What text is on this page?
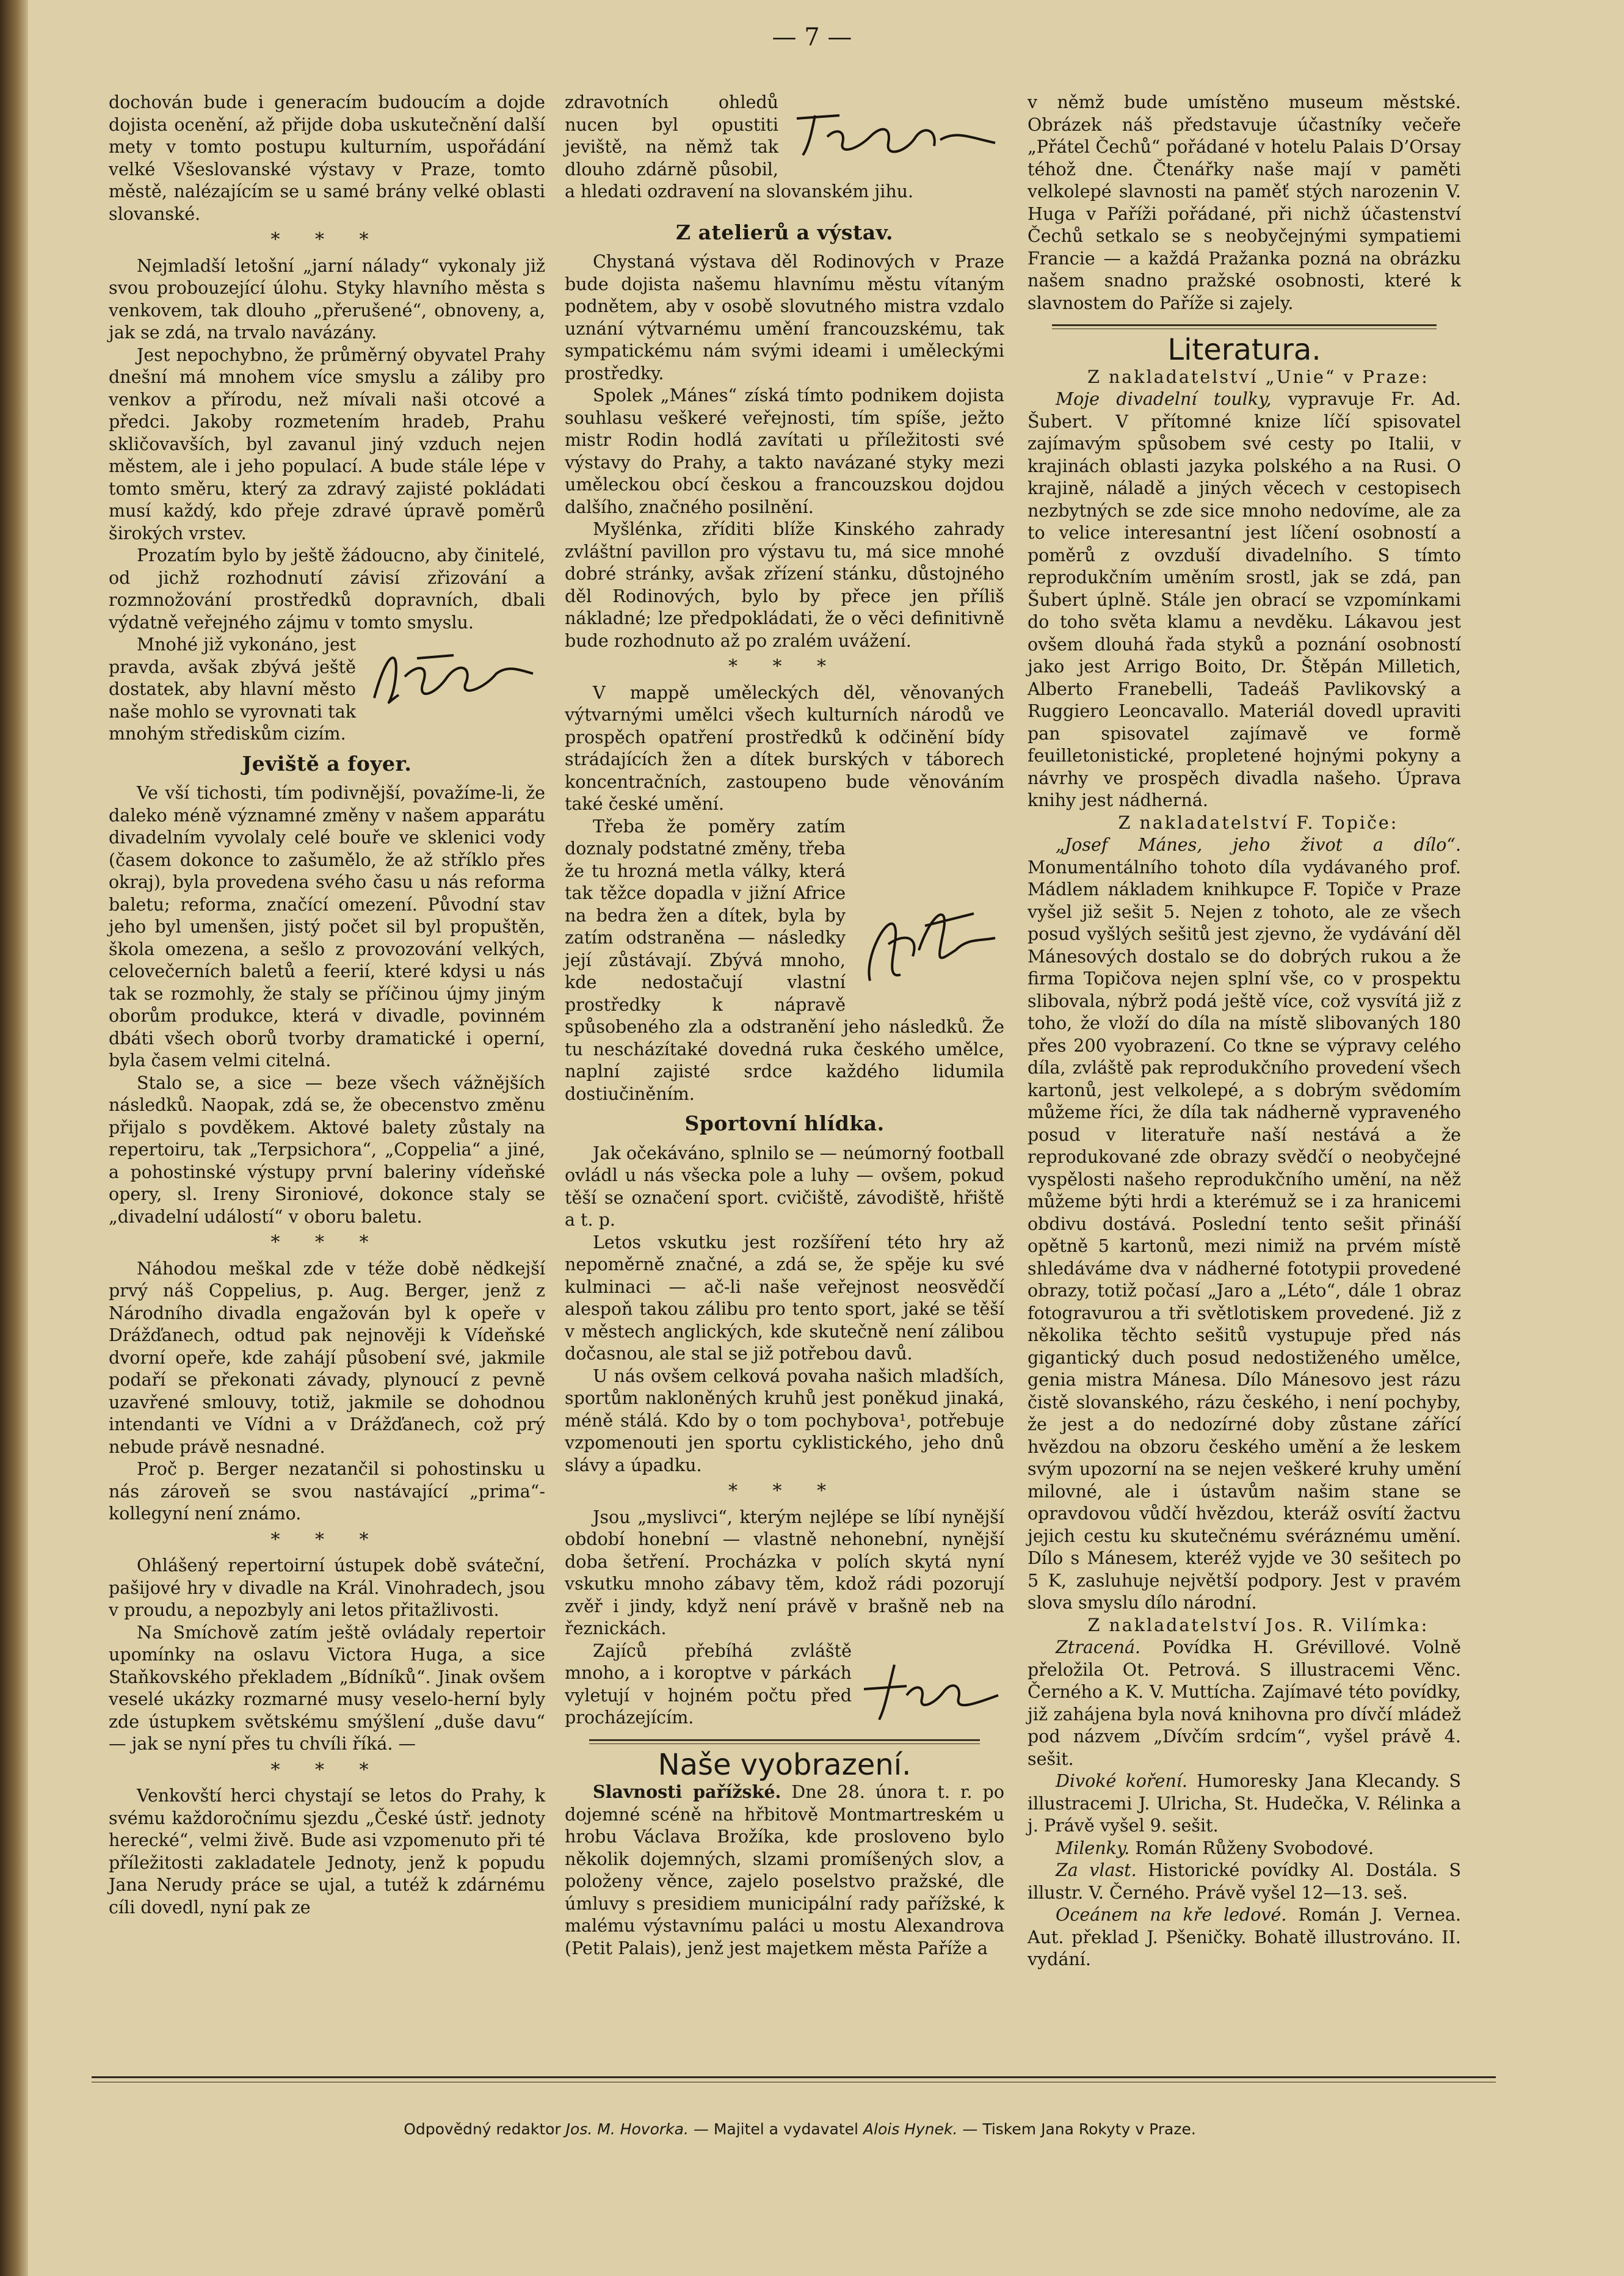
— 7 —

dochován bude i generacím budoucím a dojde dojista ocenění, až přijde doba uskutečnění další mety v tomto postupu kulturním, uspořádání velké Všeslovanské výstavy v Praze, tomto městě, nalézajícím se u samé brány velké oblasti slovanské.

* * *

Nejmladší letošní „jarní nálady“ vykonaly již svou probouzející úlohu. Styky hlavního města s venkovem, tak dlouho „přerušené“, obnoveny, a, jak se zdá, na trvalo navázány.

Jest nepochybno, že průměrný obyvatel Prahy dnešní má mnohem více smyslu a záliby pro venkov a přírodu, než mívali naši otcové a předci. Jakoby rozmetením hradeb, Prahu skličovavších, byl zavanul jiný vzduch nejen městem, ale i jeho populací. A bude stále lépe v tomto směru, který za zdravý zajisté pokládati musí každý, kdo přeje zdravé úpravě poměrů širokých vrstev.

Prozatím bylo by ještě žádoucno, aby činitelé, od jichž rozhodnutí závisí zřizování a rozmnožování prostředků dopravních, dbali výdatně veřejného zájmu v tomto smyslu.

Mnohé již vykonáno, jest pravda, avšak zbývá ještě dostatek, aby hlavní město naše mohlo se vyrovnati tak mnohým střediskům cizím.

Jeviště a foyer.

Ve vší tichosti, tím podivnější, považíme-li, že daleko méně významné změny v našem apparátu divadelním vyvolaly celé bouře ve sklenici vody (časem dokonce to zašumělo, že až stříklo přes okraj), byla provedena svého času u nás reforma baletu; reforma, značící omezení. Původní stav jeho byl umenšen, jistý počet sil byl propuštěn, škola omezena, a sešlo z provozování velkých, celovečerních baletů a feerií, které kdysi u nás tak se rozmohly, že staly se příčinou újmy jiným oborům produkce, která v divadle, povinném dbáti všech oborů tvorby dramatické i operní, byla časem velmi citelná.

Stalo se, a sice — beze všech vážnějších následků. Naopak, zdá se, že obecenstvo změnu přijalo s povděkem. Aktové balety zůstaly na repertoiru, tak „Terpsichora“, „Coppelia“ a jiné, a pohostinské výstupy první baleriny vídeňské opery, sl. Ireny Sironiové, dokonce staly se „divadelní událostí“ v oboru baletu.

* * *

Náhodou meškal zde v téže době nědkejší prvý náš Coppelius, p. Aug. Berger, jenž z Národního divadla engažován byl k opeře v Drážďanech, odtud pak nejnověji k Vídeňské dvorní opeře, kde zahájí působení své, jakmile podaří se překonati závady, plynoucí z pevně uzavřené smlouvy, totiž, jakmile se dohodnou intendanti ve Vídni a v Drážďanech, což prý nebude právě nesnadné.

Proč p. Berger nezatančil si pohostinsku u nás zároveň se svou nastávající „prima“-kollegyní není známo.

* * *

Ohlášený repertoirní ústupek době sváteční, pašijové hry v divadle na Král. Vinohradech, jsou v proudu, a nepozbyly ani letos přitažlivosti.

Na Smíchově zatím ještě ovládaly repertoir upomínky na oslavu Victora Huga, a sice Staňkovského překladem „Bídníků“. Jinak ovšem veselé ukázky rozmarné musy veselo-herní byly zde ústupkem světskému smýšlení „duše davu“ — jak se nyní přes tu chvíli říká. —

* * *

Venkovští herci chystají se letos do Prahy, k svému každoročnímu sjezdu „České ústř. jednoty herecké“, velmi živě. Bude asi vzpomenuto při té příležitosti zakladatele Jednoty, jenž k popudu Jana Nerudy práce se ujal, a tutéž k zdárnému cíli dovedl, nyní pak ze

zdravotních ohledů nucen byl opustiti jeviště, na němž tak dlouho zdárně působil, a hledati ozdravení na slovanském jihu.

Z atelierů a výstav.

Chystaná výstava děl Rodinových v Praze bude dojista našemu hlavnímu městu vítaným podnětem, aby v osobě slovutného mistra vzdalo uznání výtvarnému umění francouzskému, tak sympatickému nám svými ideami i uměleckými prostředky.

Spolek „Mánes“ získá tímto podnikem dojista souhlasu veškeré veřejnosti, tím spíše, ježto mistr Rodin hodlá zavítati u příležitosti své výstavy do Prahy, a takto navázané styky mezi uměleckou obcí českou a francouzskou dojdou dalšího, značného posilnění.

Myšlénka, zříditi blíže Kinského zahrady zvláštní pavillon pro výstavu tu, má sice mnohé dobré stránky, avšak zřízení stánku, důstojného děl Rodinových, bylo by přece jen příliš nákladné; lze předpokládati, že o věci definitivně bude rozhodnuto až po zralém uvážení.

* * *

V mappě uměleckých děl, věnovaných výtvarnými umělci všech kulturních národů ve prospěch opatření prostředků k odčinění bídy strádajících žen a dítek burských v táborech koncentračních, zastoupeno bude věnováním také české umění.

Třeba že poměry zatím doznaly podstatné změny, třeba že tu hrozná metla války, která tak těžce dopadla v jižní Africe na bedra žen a dítek, byla by zatím odstraněna — následky její zůstávají. Zbývá mnoho, kde nedostačují vlastní prostředky k nápravě spůsobeného zla a odstranění jeho následků. Že tu nescházítaké dovedná ruka českého umělce, naplní zajisté srdce každého lidumila dostiučiněním.

Sportovní hlídka.

Jak očekáváno, splnilo se — neúmorný football ovládl u nás všecka pole a luhy — ovšem, pokud těší se označení sport. cvičiště, závodiště, hřiště a t. p.

Letos vskutku jest rozšíření této hry až nepoměrně značné, a zdá se, že spěje ku své kulminaci — ač-li naše veřejnost neosvědčí alespoň takou zálibu pro tento sport, jaké se těší v městech anglických, kde skutečně není zálibou dočasnou, ale stal se již potřebou davů.

U nás ovšem celková povaha našich mladších, sportům nakloněných kruhů jest poněkud jinaká, méně stálá. Kdo by o tom pochybova¹, potřebuje vzpomenouti jen sportu cyklistického, jeho dnů slávy a úpadku.

* * *

Jsou „myslivci“, kterým nejlépe se líbí nynější období honební — vlastně nehonební, nynější doba šetření. Procházka v polích skytá nyní vskutku mnoho zábavy těm, kdož rádi pozorují zvěř i jindy, když není právě v brašně neb na řeznickách.

Zajíců přebíhá zvláště mnoho, a i koroptve v párkách vyletují v hojném počtu před procházejícím.

Naše vyobrazení.

Slavnosti pařížské. Dne 28. února t. r. po dojemné scéně na hřbitově Montmartreském u hrobu Václava Brožíka, kde prosloveno bylo několik dojemných, slzami promíšených slov, a položeny věnce, zajelo poselstvo pražské, dle úmluvy s presidiem municipální rady pařížské, k malému výstavnímu paláci u mostu Alexandrova (Petit Palais), jenž jest majetkem města Paříže a

v němž bude umístěno museum městské. Obrázek náš představuje účastníky večeře „Přátel Čechů“ pořádané v hotelu Palais D’Orsay téhož dne. Čtenářky naše mají v paměti velkolepé slavnosti na paměť stých narozenin V. Huga v Paříži pořádané, při nichž účastenství Čechů setkalo se s neobyčejnými sympatiemi Francie — a každá Pražanka pozná na obrázku našem snadno pražské osobnosti, které k slavnostem do Paříže si zajely.

Literatura.

Z nakladatelství „Unie“ v Praze:

Moje divadelní toulky, vypravuje Fr. Ad. Šubert. V přítomné knize líčí spisovatel zajímavým spůsobem své cesty po Italii, v krajinách oblasti jazyka polského a na Rusi. O krajině, náladě a jiných věcech v cestopisech nezbytných se zde sice mnoho nedovíme, ale za to velice interesantní jest líčení osobností a poměrů z ovzduší divadelního. S tímto reprodukčním uměním srostl, jak se zdá, pan Šubert úplně. Stále jen obrací se vzpomínkami do toho světa klamu a nevděku. Lákavou jest ovšem dlouhá řada styků a poznání osobností jako jest Arrigo Boito, Dr. Štěpán Milletich, Alberto Franebelli, Tadeáš Pavlikovský a Ruggiero Leoncavallo. Materiál dovedl upraviti pan spisovatel zajímavě ve formě feuilletonistické, propletené hojnými pokyny a návrhy ve prospěch divadla našeho. Úprava knihy jest nádherná.

Z nakladatelství F. Topiče:

„Josef Mánes, jeho život a dílo“. Monumentálního tohoto díla vydávaného prof. Mádlem nákladem knihkupce F. Topiče v Praze vyšel již sešit 5. Nejen z tohoto, ale ze všech posud vyšlých sešitů jest zjevno, že vydávání děl Mánesových dostalo se do dobrých rukou a že firma Topičova nejen splní vše, co v prospektu slibovala, nýbrž podá ještě více, což vysvítá již z toho, že vloží do díla na místě slibovaných 180 přes 200 vyobrazení. Co tkne se výpravy celého díla, zvláště pak reprodukčního provedení všech kartonů, jest velkolepé, a s dobrým svědomím můžeme říci, že díla tak nádherně vypraveného posud v literatuře naší nestává a že reprodukované zde obrazy svědčí o neobyčejné vyspělosti našeho reprodukčního umění, na něž můžeme býti hrdi a kterémuž se i za hranicemi obdivu dostává. Poslední tento sešit přináší opětně 5 kartonů, mezi nimiž na prvém místě shledáváme dva v nádherné fototypii provedené obrazy, totiž počasí „Jaro a „Léto“, dále 1 obraz fotogravurou a tři světlotiskem provedené. Již z několika těchto sešitů vystupuje před nás gigantický duch posud nedostiženého umělce, genia mistra Mánesa. Dílo Mánesovo jest rázu čistě slovanského, rázu českého, i není pochyby, že jest a do nedozírné doby zůstane zářící hvězdou na obzoru českého umění a že leskem svým upozorní na se nejen veškeré kruhy umění milovné, ale i ústavům našim stane se opravdovou vůdčí hvězdou, kteráž osvítí žactvu jejich cestu ku skutečnému svéráznému umění. Dílo s Mánesem, kteréž vyjde ve 30 sešitech po 5 K, zasluhuje největší podpory. Jest v pravém slova smyslu dílo národní.

Z nakladatelství Jos. R. Vilímka:

Ztracená. Povídka H. Grévillové. Volně přeložila Ot. Petrová. S illustracemi Věnc. Černého a K. V. Muttícha. Zajímavé této povídky, již zahájena byla nová knihovna pro dívčí mládež pod názvem „Dívčím srdcím“, vyšel právě 4. sešit.

Divoké koření. Humoresky Jana Klecandy. S illustracemi J. Ulricha, St. Hudečka, V. Rélinka a j. Právě vyšel 9. sešit.

Milenky. Román Růženy Svobodové.

Za vlast. Historické povídky Al. Dostála. S illustr. V. Černého. Právě vyšel 12—13. seš.

Oceánem na kře ledové. Román J. Vernea. Aut. překlad J. Pšeničky. Bohatě illustrováno. II. vydání.

Odpovědný redaktor Jos. M. Hovorka. — Majitel a vydavatel Alois Hynek. — Tiskem Jana Rokyty v Praze.
